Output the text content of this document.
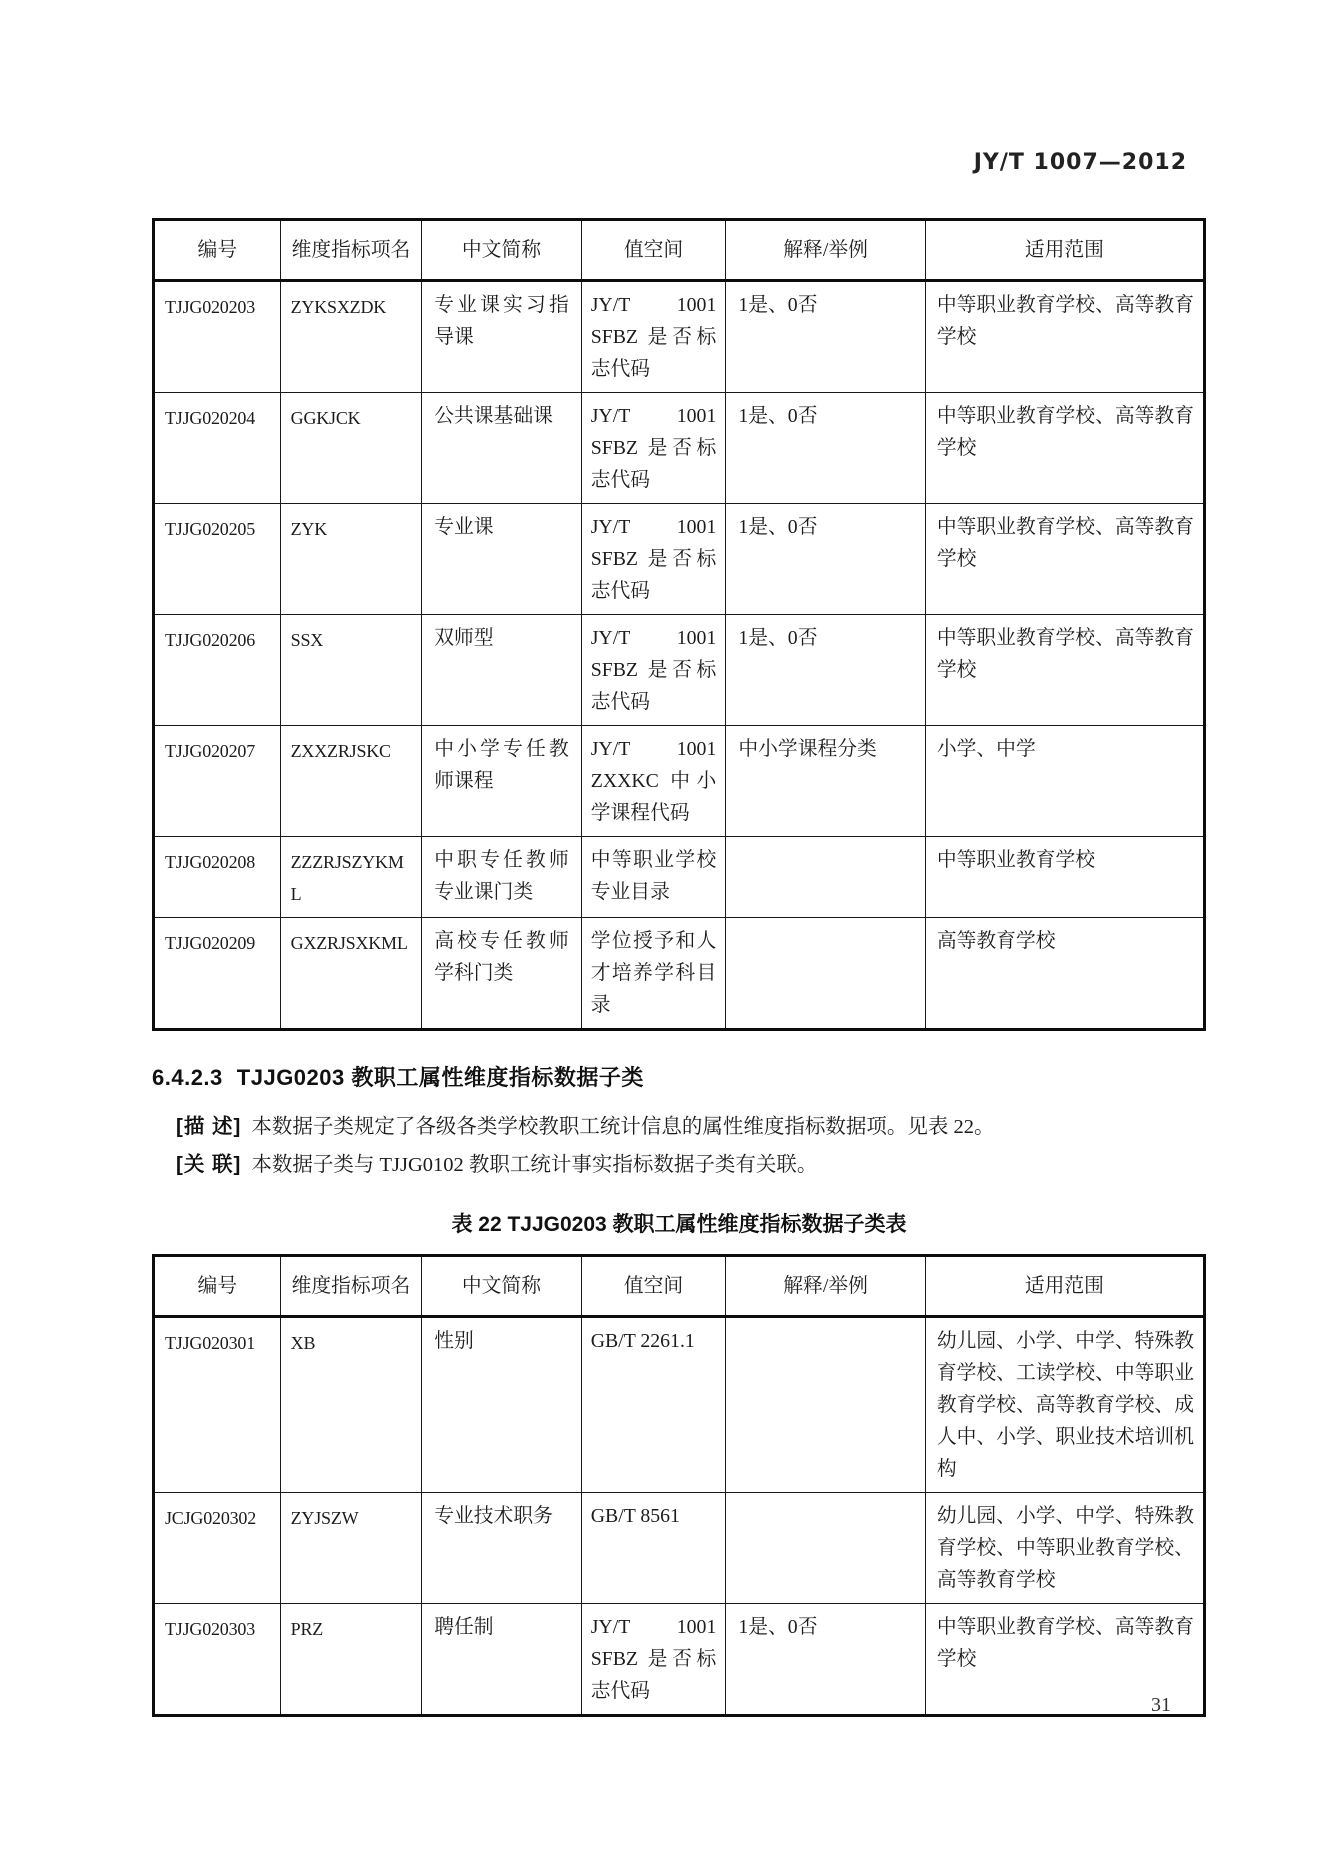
JY/T 1007—2012
编号	维度指标项名	中文简称	值空间	解释/举例	适用范围
TJJG020203	ZYKSXZDK	专业课实习指导课	JY/T 1001 SFBZ 是否标志代码	1是、0否	中等职业教育学校、高等教育学校
TJJG020204	GGKJCK	公共课基础课	JY/T 1001 SFBZ 是否标志代码	1是、0否	中等职业教育学校、高等教育学校
TJJG020205	ZYK	专业课	JY/T 1001 SFBZ 是否标志代码	1是、0否	中等职业教育学校、高等教育学校
TJJG020206	SSX	双师型	JY/T 1001 SFBZ 是否标志代码	1是、0否	中等职业教育学校、高等教育学校
TJJG020207	ZXXZRJSKC	中小学专任教师课程	JY/T 1001 ZXXKC 中小学课程代码	中小学课程分类	小学、中学
TJJG020208	ZZZRJSZYKML	中职专任教师专业课门类	中等职业学校专业目录		中等职业教育学校
TJJG020209	GXZRJSXKML	高校专任教师学科门类	学位授予和人才培养学科目录		高等教育学校
6.4.2.3 TJJG0203 教职工属性维度指标数据子类

[描 述] 本数据子类规定了各级各类学校教职工统计信息的属性维度指标数据项。见表 22。

[关 联] 本数据子类与 TJJG0102 教职工统计事实指标数据子类有关联。

表 22 TJJG0203 教职工属性维度指标数据子类表
编号	维度指标项名	中文简称	值空间	解释/举例	适用范围
TJJG020301	XB	性别	GB/T 2261.1		幼儿园、小学、中学、特殊教育学校、工读学校、中等职业教育学校、高等教育学校、成人中、小学、职业技术培训机构
JCJG020302	ZYJSZW	专业技术职务	GB/T 8561		幼儿园、小学、中学、特殊教育学校、中等职业教育学校、高等教育学校
TJJG020303	PRZ	聘任制	JY/T 1001 SFBZ 是否标志代码	1是、0否	中等职业教育学校、高等教育学校
31
